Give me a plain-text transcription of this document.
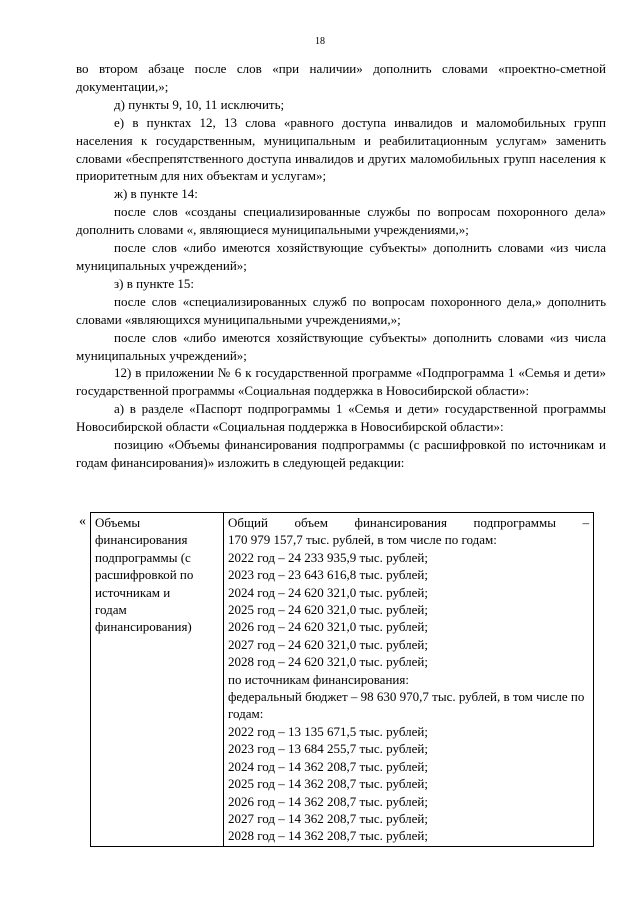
18

во втором абзаце после слов «при наличии» дополнить словами «проектно-сметной документации,»;

д) пункты 9, 10, 11 исключить;

е) в пунктах 12, 13 слова «равного доступа инвалидов и маломобильных групп населения к государственным, муниципальным и реабилитационным услугам» заменить словами «беспрепятственного доступа инвалидов и других маломобильных групп населения к приоритетным для них объектам и услугам»;

ж) в пункте 14:

после слов «созданы специализированные службы по вопросам похоронного дела» дополнить словами «, являющиеся муниципальными учреждениями,»;

после слов «либо имеются хозяйствующие субъекты» дополнить словами «из числа муниципальных учреждений»;

з) в пункте 15:

после слов «специализированных служб по вопросам похоронного дела,» дополнить словами «являющихся муниципальными учреждениями,»;

после слов «либо имеются хозяйствующие субъекты» дополнить словами «из числа муниципальных учреждений»;

12) в приложении № 6 к государственной программе «Подпрограмма 1 «Семья и дети» государственной программы «Социальная поддержка в Новосибирской области»:

а) в разделе «Паспорт подпрограммы 1 «Семья и дети» государственной программы Новосибирской области «Социальная поддержка в Новосибирской области»:

позицию «Объемы финансирования подпрограммы (с расшифровкой по источникам и годам финансирования)» изложить в следующей редакции:

« Объемы
финансирования
подпрограммы (с
расшифровкой по
источникам и
годам
финансирования)

Общий объем финансирования подпрограммы –
170 979 157,7 тыс. рублей, в том числе по годам:
2022 год – 24 233 935,9 тыс. рублей;
2023 год – 23 643 616,8 тыс. рублей;
2024 год – 24 620 321,0 тыс. рублей;
2025 год – 24 620 321,0 тыс. рублей;
2026 год – 24 620 321,0 тыс. рублей;
2027 год – 24 620 321,0 тыс. рублей;
2028 год – 24 620 321,0 тыс. рублей;
по источникам финансирования:
федеральный бюджет – 98 630 970,7 тыс. рублей, в том числе по годам:
2022 год – 13 135 671,5 тыс. рублей;
2023 год – 13 684 255,7 тыс. рублей;
2024 год – 14 362 208,7 тыс. рублей;
2025 год – 14 362 208,7 тыс. рублей;
2026 год – 14 362 208,7 тыс. рублей;
2027 год – 14 362 208,7 тыс. рублей;
2028 год – 14 362 208,7 тыс. рублей;
